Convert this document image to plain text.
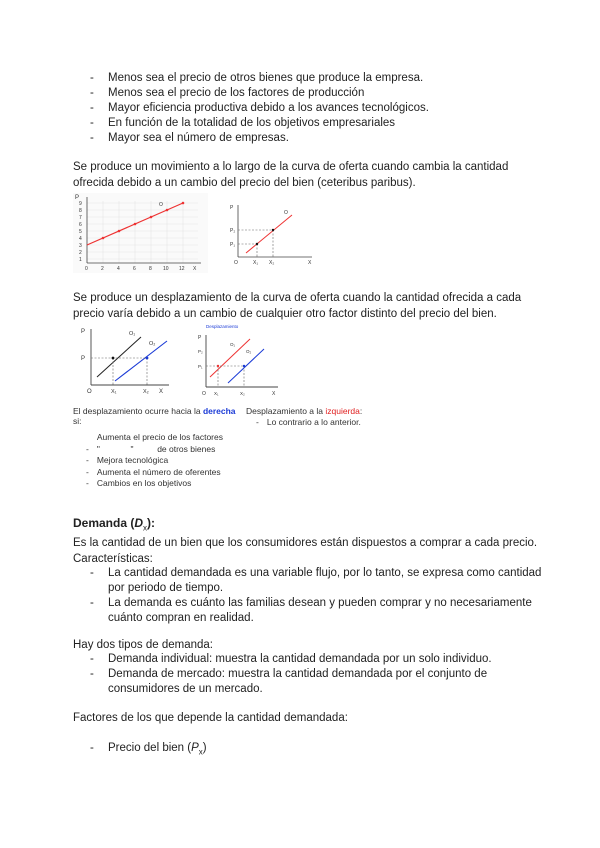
- Menos sea el precio de otros bienes que produce la empresa.
- Menos sea el precio de los factores de producción
- Mayor eficiencia productiva debido a los avances tecnológicos.
- En función de la totalidad de los objetivos empresariales
- Mayor sea el número de empresas.
Se produce un movimiento a lo largo de la curva de oferta cuando cambia la cantidad
ofrecida debido a un cambio del precio del bien (ceteribus paribus).
P
9
8
7
6
5
4
3
2
1
0	2	4	6	8 10 12 X
O	P
X
O
O
P₂
P₁
X₁ X₂
Se produce un desplazamiento de la curva de oferta cuando la cantidad ofrecida a cada
precio varía debido a un cambio de cualquier otro factor distinto del precio del bien.
P
X
O
O₁
O₂
P
X₁	X₂
Desplazamiento
P
X
O
O₁
O₂
P₂
P₁
X₁	X₂
El desplazamiento ocurre hacia la derecha
si:
Desplazamiento a la izquierda:
- Lo contrario a lo anterior.
Aumenta el precio de los factores
- "             "          de otros bienes
- Mejora tecnológica
- Aumenta el número de oferentes
- Cambios en los objetivos
Demanda $(D_x)$:
Es la cantidad de un bien que los consumidores están dispuestos a comprar a cada precio.
Características:
- La cantidad demandada es una variable flujo, por lo tanto, se expresa como cantidad
por periodo de tiempo.
- La demanda es cuánto las familias desean y pueden comprar y no necesariamente
cuánto compran en realidad.
Hay dos tipos de demanda:
- Demanda individual: muestra la cantidad demandada por un solo individuo.
- Demanda de mercado: muestra la cantidad demandada por el conjunto de
consumidores de un mercado.
Factores de los que depende la cantidad demandada:
- Precio del bien $(P_x)$
